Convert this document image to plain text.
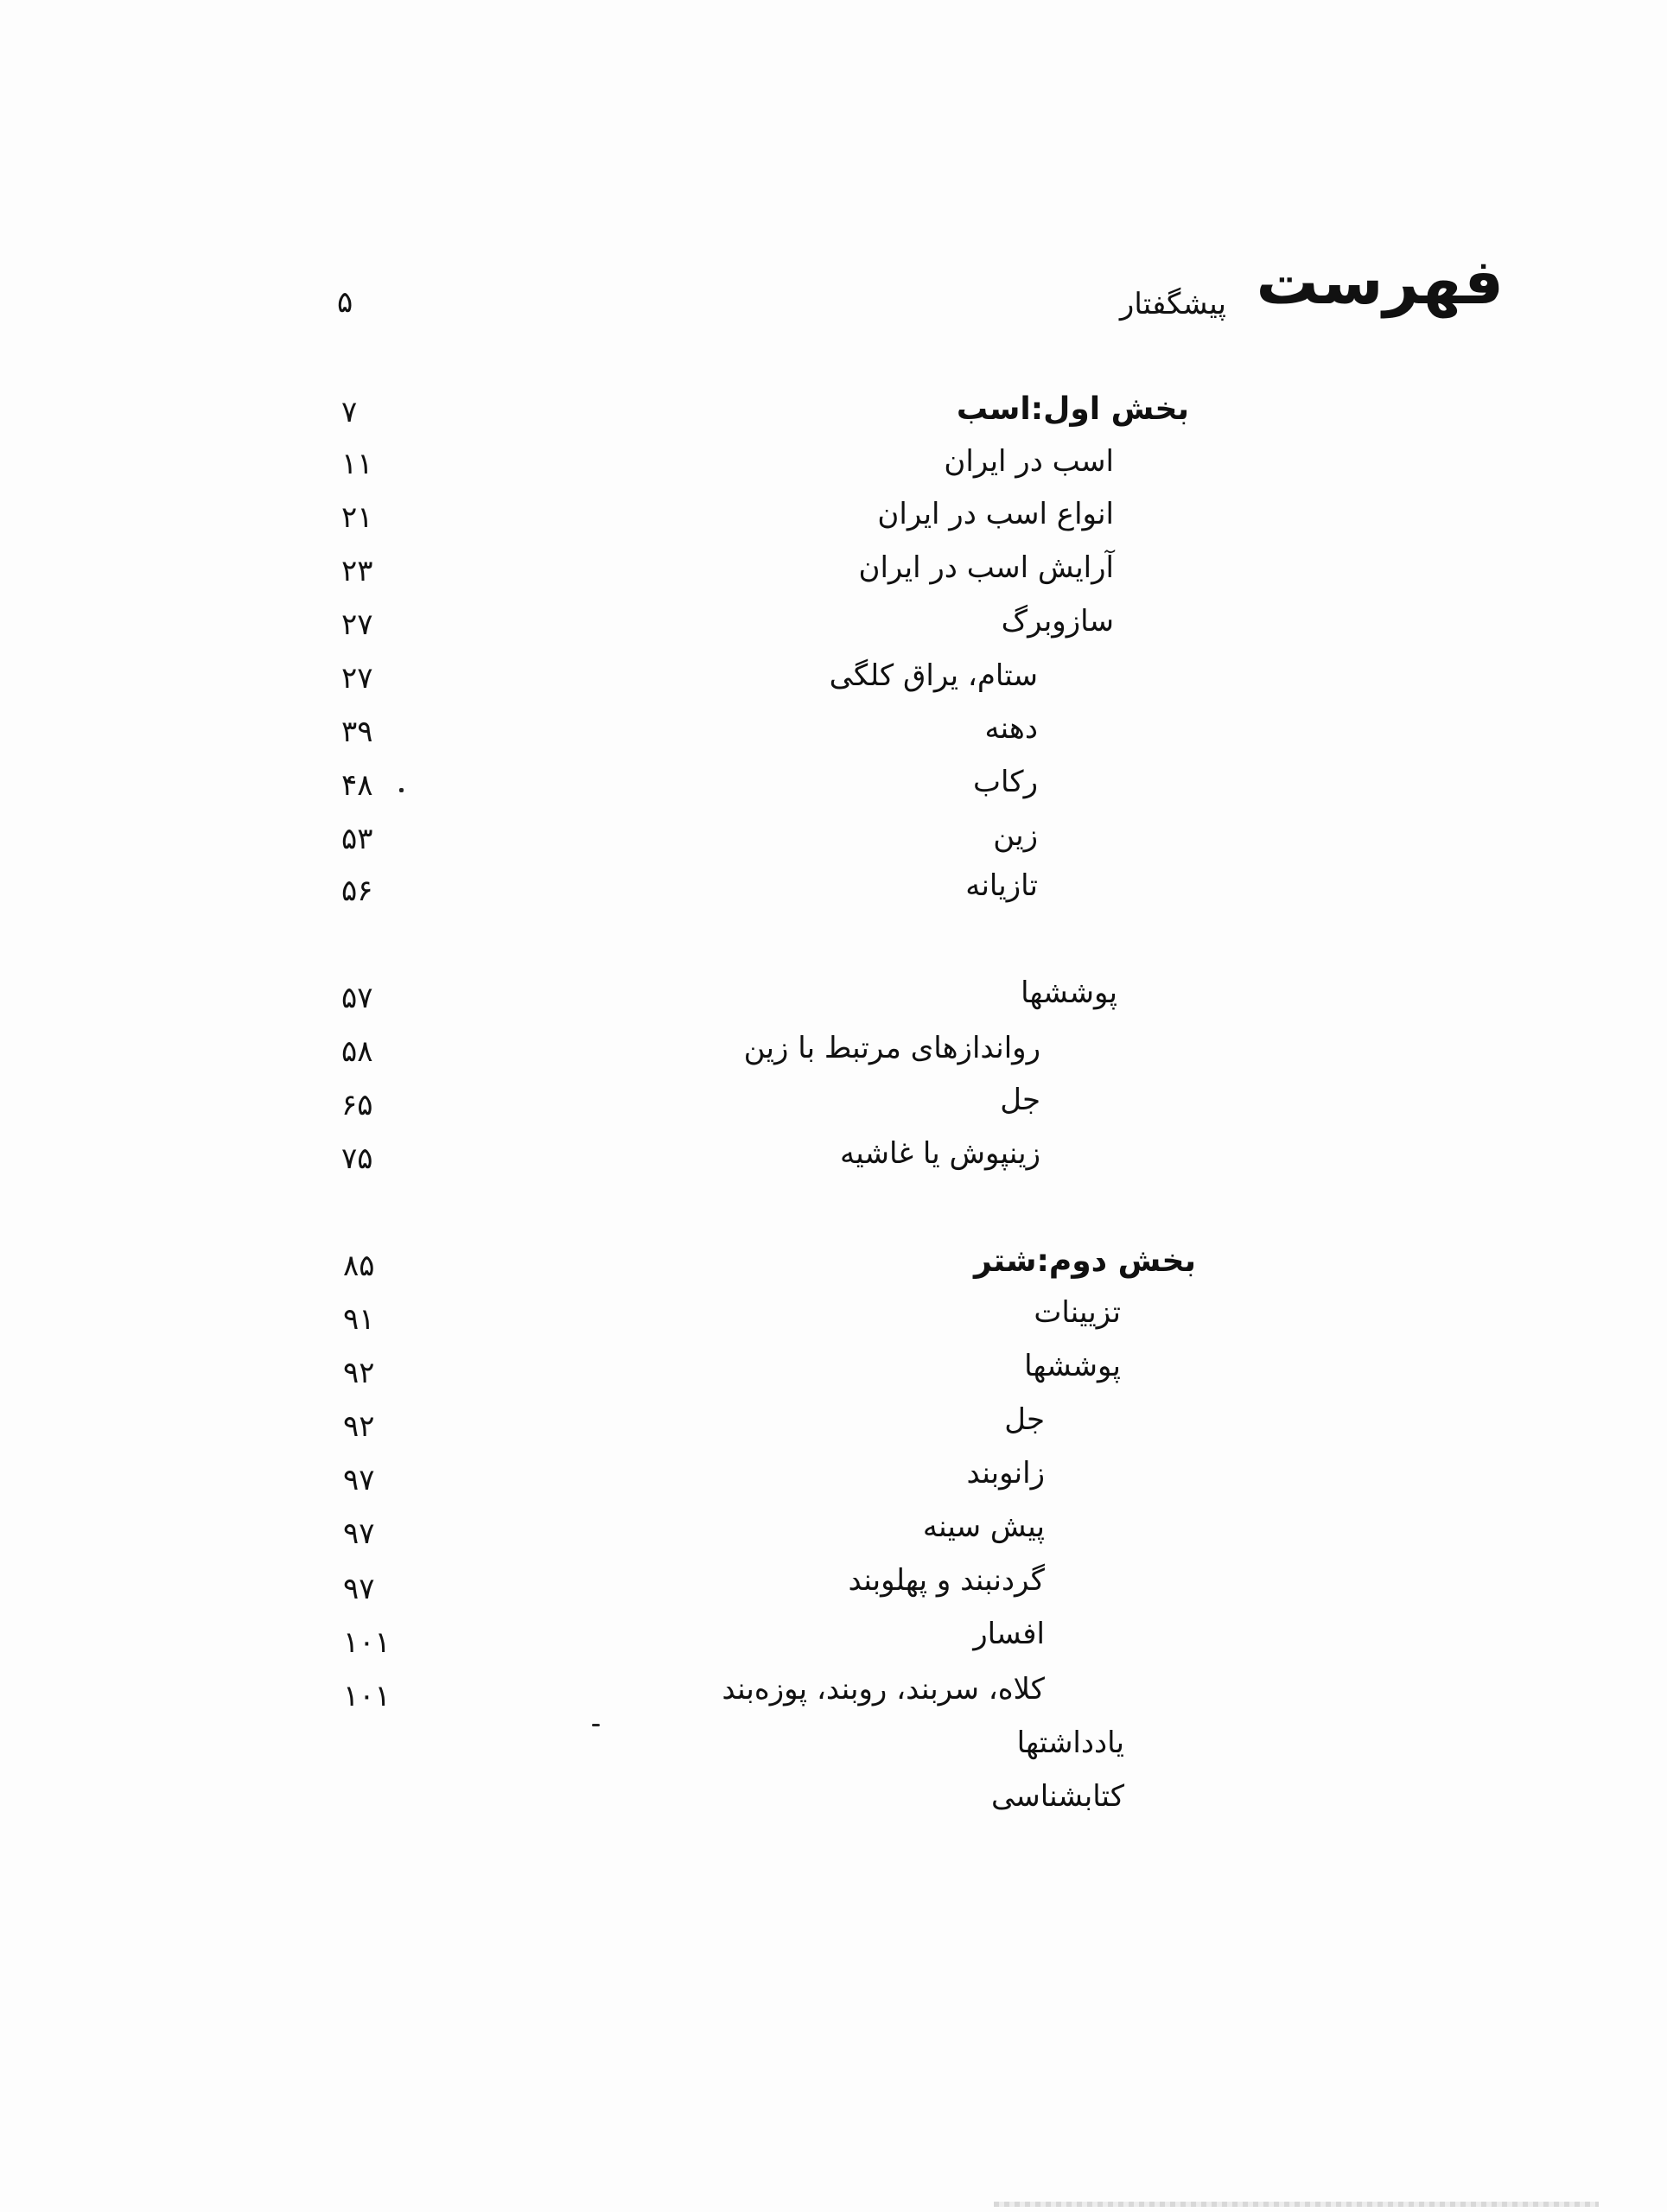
فهرست
پیشگفتار
۵
بخش اول:اسب
۷
اسب در ایران
۱۱
انواع اسب در ایران
۲۱
آرایش اسب در ایران
۲۳
سازوبرگ
۲۷
ستام، یراق کلگی
۲۷
دهنه
۳۹
رکاب
۴۸
زین
۵۳
تازیانه
۵۶
پوششها
۵۷
رواندازهای مرتبط با زین
۵۸
جل
۶۵
زینپوش یا غاشیه
۷۵
بخش دوم:شتر
۸۵
تزیینات
۹۱
پوششها
۹۲
جل
۹۲
زانوبند
۹۷
پیش سینه
۹۷
گردنبند و پهلوبند
۹۷
افسار
۱۰۱
کلاه، سربند، روبند، پوزه‌بند
۱۰۱
یادداشتها
کتابشناسی
